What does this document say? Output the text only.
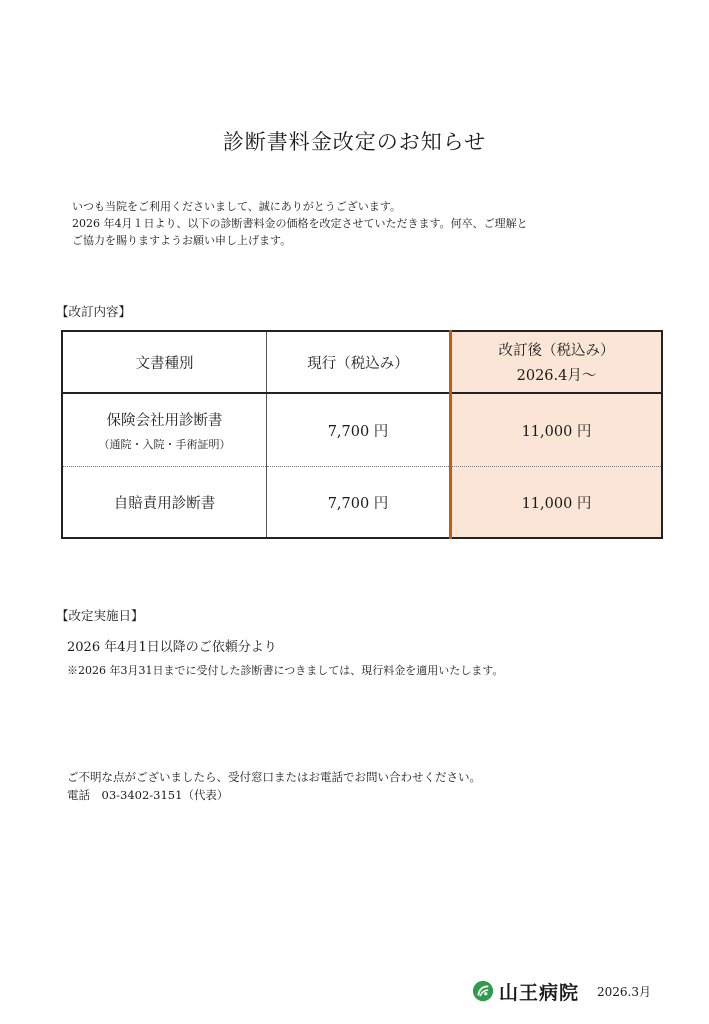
診断書料金改定のお知らせ
いつも当院をご利用くださいまして、誠にありがとうございます。
2026 年4月１日より、以下の診断書料金の価格を改定させていただきます。何卒、ご理解と
ご協力を賜りますようお願い申し上げます。
【改訂内容】
文書種別	現行（税込み）	改訂後（税込み）
2026.4月～

保険会社用診断書
（通院・入院・手術証明）	7,700 円	11,000 円
自賠責用診断書	7,700 円	11,000 円
【改定実施日】
2026 年4月1日以降のご依頼分より
※2026 年3月31日までに受付した診断書につきましては、現行料金を適用いたします。
ご不明な点がございましたら、受付窓口またはお電話でお問い合わせください。
電話　03-3402-3151（代表）
山王病院 2026.3月
